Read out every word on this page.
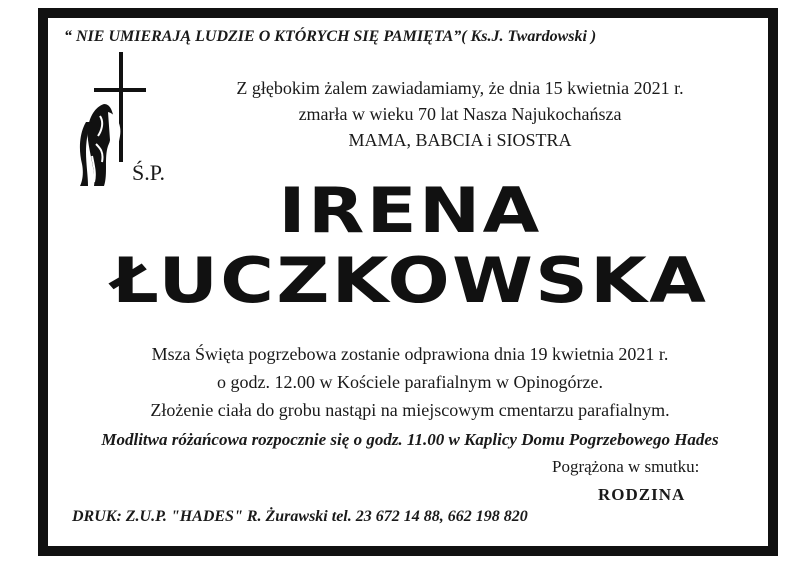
“ NIE UMIERAJĄ LUDZIE O KTÓRYCH SIĘ PAMIĘTA”( Ks.J. Twardowski )
Ś.P.
Z głębokim żalem zawiadamiamy, że dnia 15 kwietnia 2021 r.
zmarła w wieku 70 lat Nasza Najukochańsza
MAMA, BABCIA i SIOSTRA
IRENA
ŁUCZKOWSKA
Msza Święta pogrzebowa zostanie odprawiona dnia 19 kwietnia 2021 r.
o godz. 12.00 w Kościele parafialnym w Opinogórze.
Złożenie ciała do grobu nastąpi na miejscowym cmentarzu parafialnym.
Modlitwa różańcowa rozpocznie się o godz. 11.00 w Kaplicy Domu Pogrzebowego Hades
Pogrążona w smutku:
RODZINA
DRUK: Z.U.P. "HADES" R. Żurawski tel. 23 672 14 88, 662 198 820
